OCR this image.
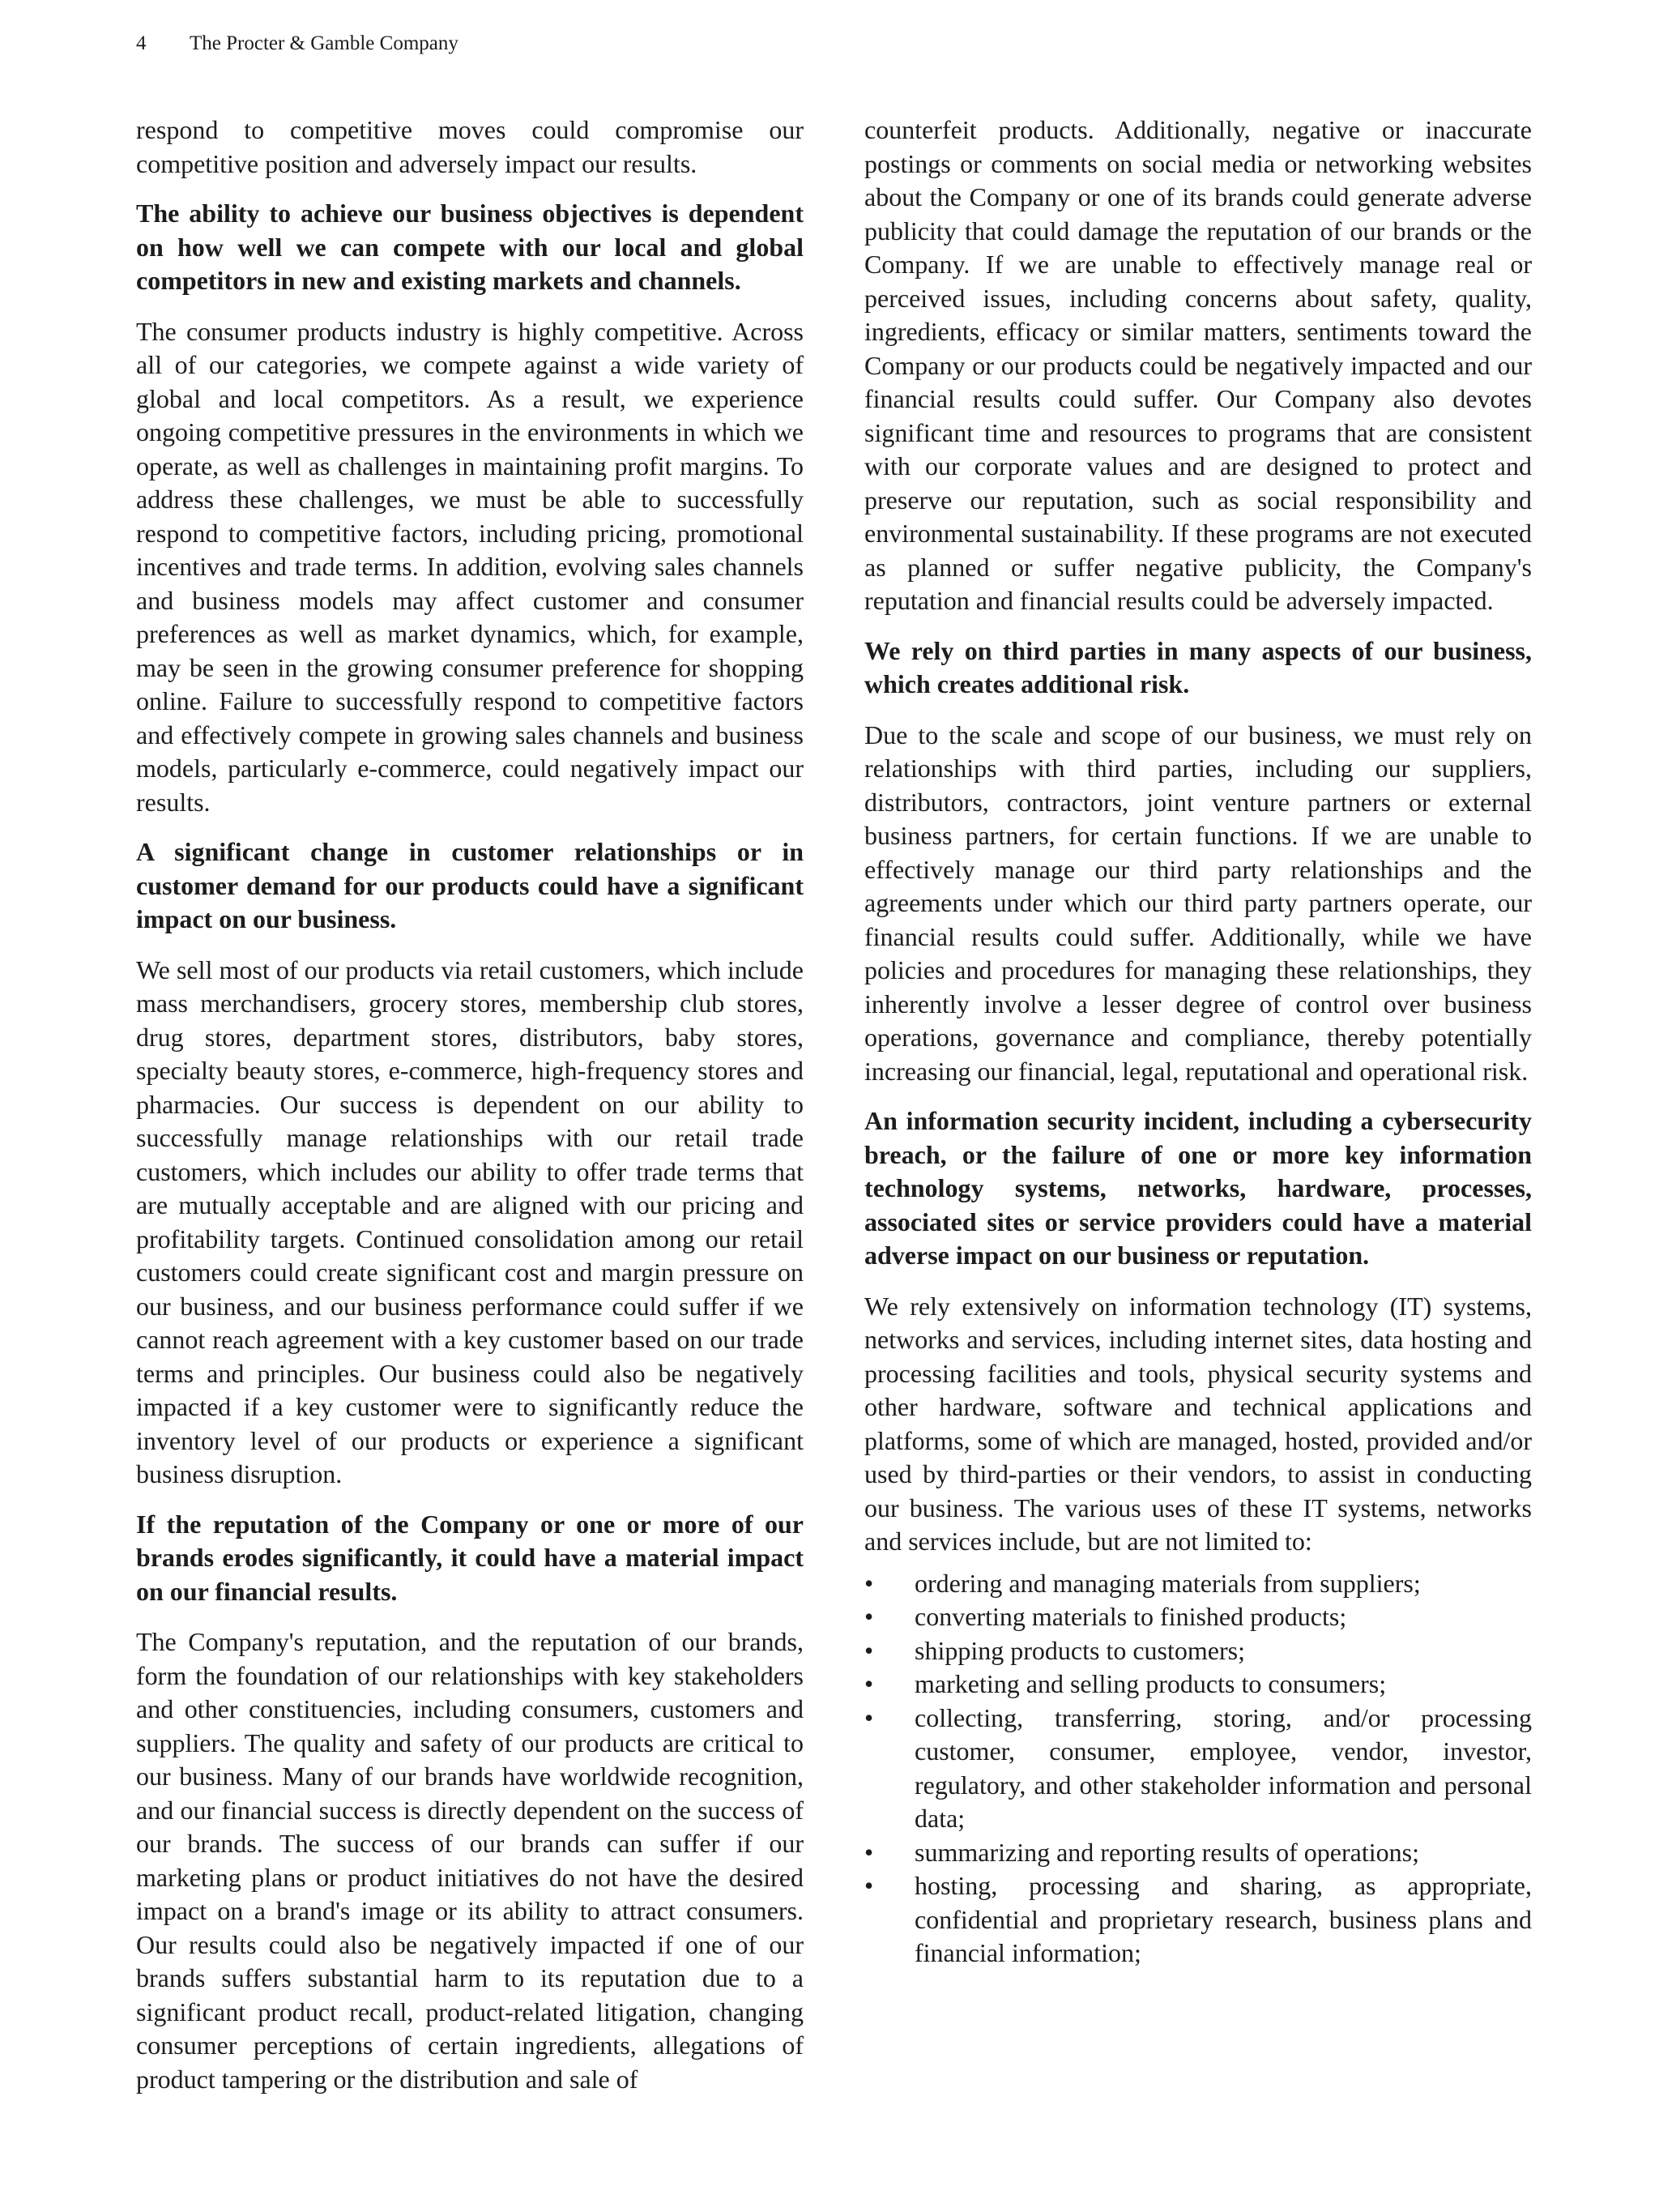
4 The Procter & Gamble Company

respond to competitive moves could compromise our competitive position and adversely impact our results.

The ability to achieve our business objectives is dependent on how well we can compete with our local and global competitors in new and existing markets and channels.

The consumer products industry is highly competitive. Across all of our categories, we compete against a wide variety of global and local competitors. As a result, we experience ongoing competitive pressures in the environments in which we operate, as well as challenges in maintaining profit margins. To address these challenges, we must be able to successfully respond to competitive factors, including pricing, promotional incentives and trade terms. In addition, evolving sales channels and business models may affect customer and consumer preferences as well as market dynamics, which, for example, may be seen in the growing consumer preference for shopping online. Failure to successfully respond to competitive factors and effectively compete in growing sales channels and business models, particularly e-commerce, could negatively impact our results.

A significant change in customer relationships or in customer demand for our products could have a significant impact on our business.

We sell most of our products via retail customers, which include mass merchandisers, grocery stores, membership club stores, drug stores, department stores, distributors, baby stores, specialty beauty stores, e-commerce, high-frequency stores and pharmacies. Our success is dependent on our ability to successfully manage relationships with our retail trade customers, which includes our ability to offer trade terms that are mutually acceptable and are aligned with our pricing and profitability targets. Continued consolidation among our retail customers could create significant cost and margin pressure on our business, and our business performance could suffer if we cannot reach agreement with a key customer based on our trade terms and principles. Our business could also be negatively impacted if a key customer were to significantly reduce the inventory level of our products or experience a significant business disruption.

If the reputation of the Company or one or more of our brands erodes significantly, it could have a material impact on our financial results.

The Company's reputation, and the reputation of our brands, form the foundation of our relationships with key stakeholders and other constituencies, including consumers, customers and suppliers. The quality and safety of our products are critical to our business. Many of our brands have worldwide recognition, and our financial success is directly dependent on the success of our brands. The success of our brands can suffer if our marketing plans or product initiatives do not have the desired impact on a brand's image or its ability to attract consumers. Our results could also be negatively impacted if one of our brands suffers substantial harm to its reputation due to a significant product recall, product-related litigation, changing consumer perceptions of certain ingredients, allegations of product tampering or the distribution and sale of

counterfeit products. Additionally, negative or inaccurate postings or comments on social media or networking websites about the Company or one of its brands could generate adverse publicity that could damage the reputation of our brands or the Company. If we are unable to effectively manage real or perceived issues, including concerns about safety, quality, ingredients, efficacy or similar matters, sentiments toward the Company or our products could be negatively impacted and our financial results could suffer. Our Company also devotes significant time and resources to programs that are consistent with our corporate values and are designed to protect and preserve our reputation, such as social responsibility and environmental sustainability. If these programs are not executed as planned or suffer negative publicity, the Company's reputation and financial results could be adversely impacted.

We rely on third parties in many aspects of our business, which creates additional risk.

Due to the scale and scope of our business, we must rely on relationships with third parties, including our suppliers, distributors, contractors, joint venture partners or external business partners, for certain functions. If we are unable to effectively manage our third party relationships and the agreements under which our third party partners operate, our financial results could suffer. Additionally, while we have policies and procedures for managing these relationships, they inherently involve a lesser degree of control over business operations, governance and compliance, thereby potentially increasing our financial, legal, reputational and operational risk.

An information security incident, including a cybersecurity breach, or the failure of one or more key information technology systems, networks, hardware, processes, associated sites or service providers could have a material adverse impact on our business or reputation.

We rely extensively on information technology (IT) systems, networks and services, including internet sites, data hosting and processing facilities and tools, physical security systems and other hardware, software and technical applications and platforms, some of which are managed, hosted, provided and/or used by third-parties or their vendors, to assist in conducting our business. The various uses of these IT systems, networks and services include, but are not limited to:

• ordering and managing materials from suppliers;
• converting materials to finished products;
• shipping products to customers;
• marketing and selling products to consumers;
• collecting, transferring, storing, and/or processing customer, consumer, employee, vendor, investor, regulatory, and other stakeholder information and personal data;
• summarizing and reporting results of operations;
• hosting, processing and sharing, as appropriate, confidential and proprietary research, business plans and financial information;
